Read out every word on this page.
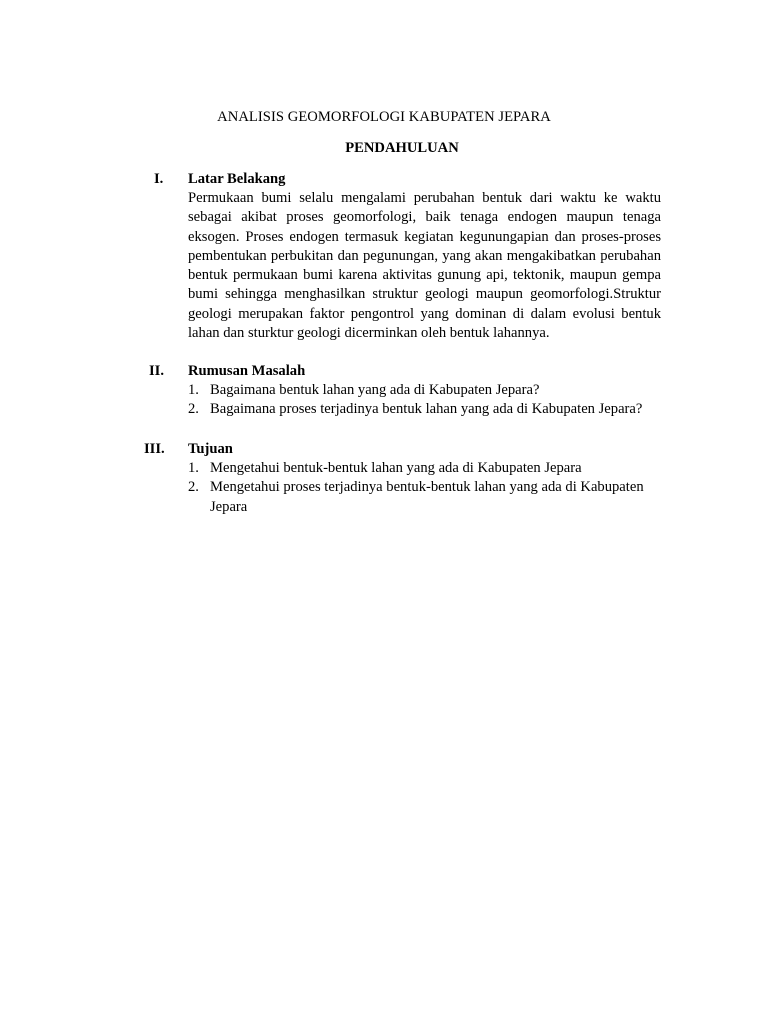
ANALISIS GEOMORFOLOGI KABUPATEN JEPARA
PENDAHULUAN
I.	Latar Belakang

Permukaan bumi selalu mengalami perubahan bentuk dari waktu ke waktu sebagai akibat proses geomorfologi, baik tenaga endogen maupun tenaga eksogen. Proses endogen termasuk kegiatan kegunungapian dan proses-proses pembentukan perbukitan dan pegunungan, yang akan mengakibatkan perubahan bentuk permukaan bumi karena aktivitas gunung api, tektonik, maupun gempa bumi sehingga menghasilkan struktur geologi maupun geomorfologi.Struktur geologi merupakan faktor pengontrol yang dominan di dalam evolusi bentuk lahan dan sturktur geologi dicerminkan oleh bentuk lahannya.

II.	Rumusan Masalah

1. Bagaimana bentuk lahan yang ada di Kabupaten Jepara?
2. Bagaimana proses terjadinya bentuk lahan yang ada di Kabupaten Jepara?
III.	Tujuan

1. Mengetahui bentuk-bentuk lahan yang ada di Kabupaten Jepara
2. Mengetahui proses terjadinya bentuk-bentuk lahan yang ada di Kabupaten Jepara
